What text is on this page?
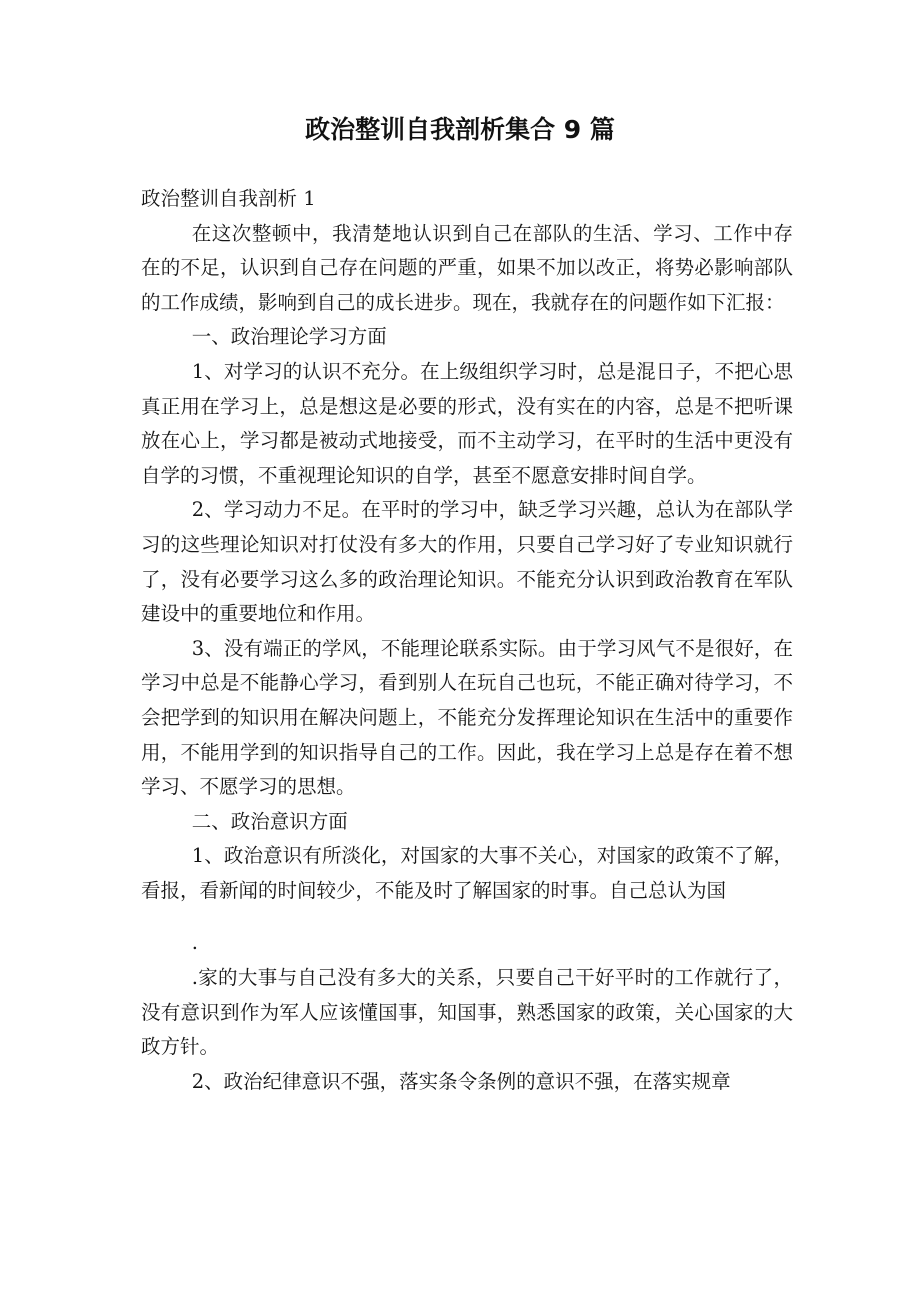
政治整训自我剖析集合 9 篇

政治整训自我剖析 1

在这次整顿中，我清楚地认识到自己在部队的生活、学习、工作中存在的不足，认识到自己存在问题的严重，如果不加以改正，将势必影响部队的工作成绩，影响到自己的成长进步。现在，我就存在的问题作如下汇报：

一、政治理论学习方面

1、对学习的认识不充分。在上级组织学习时，总是混日子，不把心思真正用在学习上，总是想这是必要的形式，没有实在的内容，总是不把听课放在心上，学习都是被动式地接受，而不主动学习，在平时的生活中更没有自学的习惯，不重视理论知识的自学，甚至不愿意安排时间自学。

2、学习动力不足。在平时的学习中，缺乏学习兴趣，总认为在部队学习的这些理论知识对打仗没有多大的作用，只要自己学习好了专业知识就行了，没有必要学习这么多的政治理论知识。不能充分认识到政治教育在军队建设中的重要地位和作用。

3、没有端正的学风，不能理论联系实际。由于学习风气不是很好，在学习中总是不能静心学习，看到别人在玩自己也玩，不能正确对待学习，不会把学到的知识用在解决问题上，不能充分发挥理论知识在生活中的重要作用，不能用学到的知识指导自己的工作。因此，我在学习上总是存在着不想学习、不愿学习的思想。

二、政治意识方面

1、政治意识有所淡化，对国家的大事不关心，对国家的政策不了解，看报，看新闻的时间较少，不能及时了解国家的时事。自己总认为国

.

.家的大事与自己没有多大的关系，只要自己干好平时的工作就行了，没有意识到作为军人应该懂国事，知国事，熟悉国家的政策，关心国家的大政方针。

2、政治纪律意识不强，落实条令条例的意识不强，在落实规章
